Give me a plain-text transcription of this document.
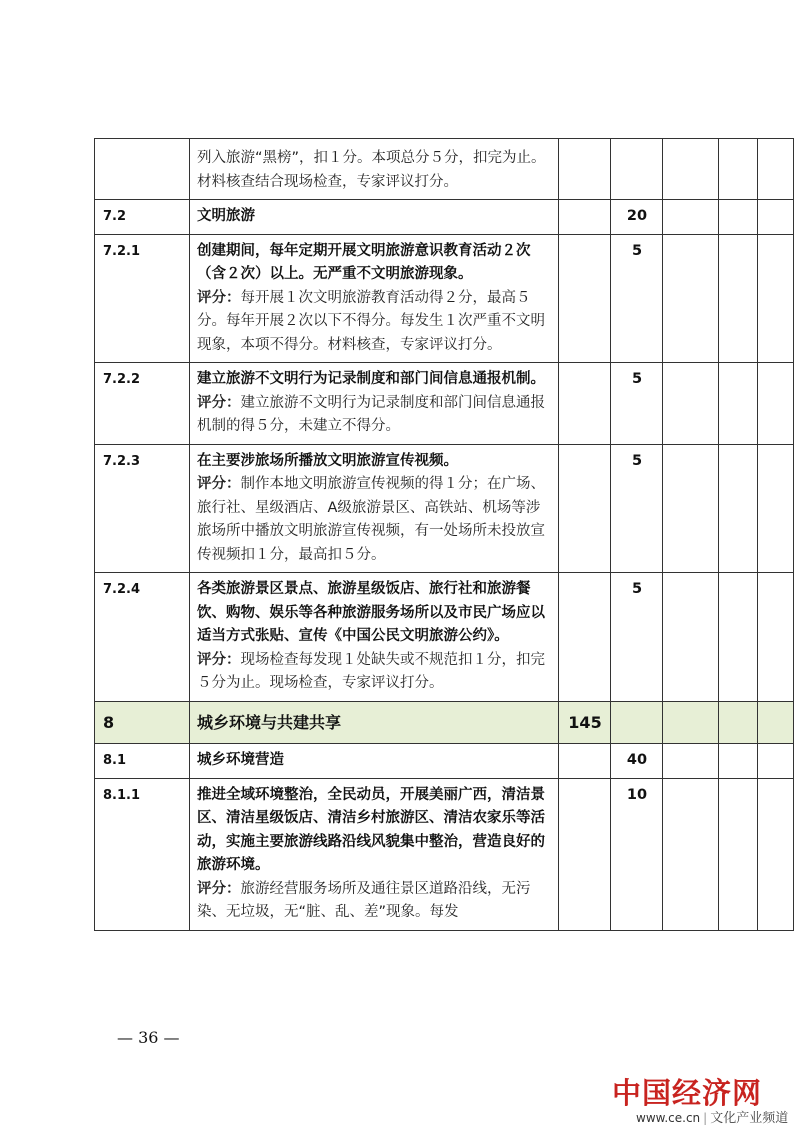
	列入旅游“黑榜”，扣１分。本项总分５分，扣完为止。材料核查结合现场检查，专家评议打分。					
7.2	文明旅游		20			
7.2.1	创建期间，每年定期开展文明旅游意识教育活动２次（含２次）以上。无严重不文明旅游现象。
评分：每开展１次文明旅游教育活动得２分，最高５分。每年开展２次以下不得分。每发生１次严重不文明现象，本项不得分。材料核查，专家评议打分。		5			
7.2.2	建立旅游不文明行为记录制度和部门间信息通报机制。
评分：建立旅游不文明行为记录制度和部门间信息通报机制的得５分，未建立不得分。		5			
7.2.3	在主要涉旅场所播放文明旅游宣传视频。
评分：制作本地文明旅游宣传视频的得１分；在广场、旅行社、星级酒店、A级旅游景区、高铁站、机场等涉旅场所中播放文明旅游宣传视频，有一处场所未投放宣传视频扣１分，最高扣５分。		5			
7.2.4	各类旅游景区景点、旅游星级饭店、旅行社和旅游餐饮、购物、娱乐等各种旅游服务场所以及市民广场应以适当方式张贴、宣传《中国公民文明旅游公约》。
评分：现场检查每发现１处缺失或不规范扣１分，扣完５分为止。现场检查，专家评议打分。		5			
8	城乡环境与共建共享	145				
8.1	城乡环境营造		40			
8.1.1	推进全域环境整治，全民动员，开展美丽广西，清洁景区、清洁星级饭店、清洁乡村旅游区、清洁农家乐等活动，实施主要旅游线路沿线风貌集中整治，营造良好的旅游环境。
评分：旅游经营服务场所及通往景区道路沿线，无污染、无垃圾，无“脏、乱、差”现象。每发		10			
— 36 —
中国经济网
www.ce.cn | 文化产业频道
